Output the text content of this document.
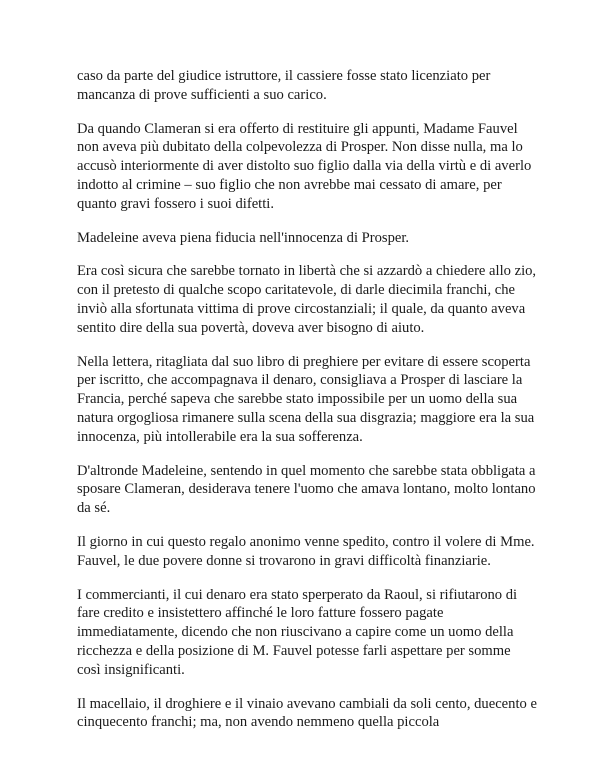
caso da parte del giudice istruttore, il cassiere fosse stato licenziato per mancanza di prove sufficienti a suo carico.

Da quando Clameran si era offerto di restituire gli appunti, Madame Fauvel non aveva più dubitato della colpevolezza di Prosper. Non disse nulla, ma lo accusò interiormente di aver distolto suo figlio dalla via della virtù e di averlo indotto al crimine – suo figlio che non avrebbe mai cessato di amare, per quanto gravi fossero i suoi difetti.

Madeleine aveva piena fiducia nell'innocenza di Prosper.

Era così sicura che sarebbe tornato in libertà che si azzardò a chiedere allo zio, con il pretesto di qualche scopo caritatevole, di darle diecimila franchi, che inviò alla sfortunata vittima di prove circostanziali; il quale, da quanto aveva sentito dire della sua povertà, doveva aver bisogno di aiuto.

Nella lettera, ritagliata dal suo libro di preghiere per evitare di essere scoperta per iscritto, che accompagnava il denaro, consigliava a Prosper di lasciare la Francia, perché sapeva che sarebbe stato impossibile per un uomo della sua natura orgogliosa rimanere sulla scena della sua disgrazia; maggiore era la sua innocenza, più intollerabile era la sua sofferenza.

D'altronde Madeleine, sentendo in quel momento che sarebbe stata obbligata a sposare Clameran, desiderava tenere l'uomo che amava lontano, molto lontano da sé.

Il giorno in cui questo regalo anonimo venne spedito, contro il volere di Mme. Fauvel, le due povere donne si trovarono in gravi difficoltà finanziarie.

I commercianti, il cui denaro era stato sperperato da Raoul, si rifiutarono di fare credito e insistettero affinché le loro fatture fossero pagate immediatamente, dicendo che non riuscivano a capire come un uomo della ricchezza e della posizione di M. Fauvel potesse farli aspettare per somme così insignificanti.

Il macellaio, il droghiere e il vinaio avevano cambiali da soli cento, duecento e cinquecento franchi; ma, non avendo nemmeno quella piccola
